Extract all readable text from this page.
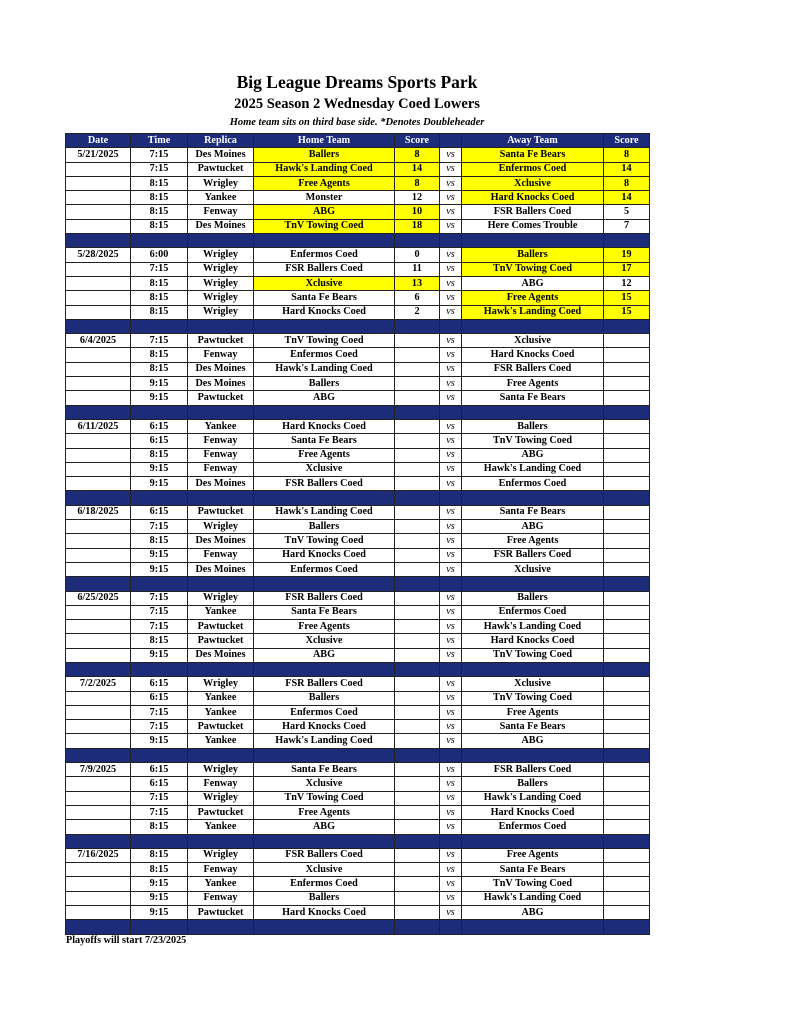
Big League Dreams Sports Park
2025 Season 2 Wednesday Coed Lowers
Home team sits on third base side. *Denotes Doubleheader
Date	Time	Replica	Home Team	Score		Away Team	Score
5/21/2025	7:15	Des Moines	Ballers	8	vs	Santa Fe Bears	8
	7:15	Pawtucket	Hawk's Landing Coed	14	vs	Enfermos Coed	14
	8:15	Wrigley	Free Agents	8	vs	Xclusive	8
	8:15	Yankee	Monster	12	vs	Hard Knocks Coed	14
	8:15	Fenway	ABG	10	vs	FSR Ballers Coed	5
	8:15	Des Moines	TnV Towing Coed	18	vs	Here Comes Trouble	7

5/28/2025	6:00	Wrigley	Enfermos Coed	0	vs	Ballers	19
	7:15	Wrigley	FSR Ballers Coed	11	vs	TnV Towing Coed	17
	8:15	Wrigley	Xclusive	13	vs	ABG	12
	8:15	Wrigley	Santa Fe Bears	6	vs	Free Agents	15
	8:15	Wrigley	Hard Knocks Coed	2	vs	Hawk's Landing Coed	15

6/4/2025	7:15	Pawtucket	TnV Towing Coed		vs	Xclusive	
	8:15	Fenway	Enfermos Coed		vs	Hard Knocks Coed	
	8:15	Des Moines	Hawk's Landing Coed		vs	FSR Ballers Coed	
	9:15	Des Moines	Ballers		vs	Free Agents	
	9:15	Pawtucket	ABG		vs	Santa Fe Bears	

6/11/2025	6:15	Yankee	Hard Knocks Coed		vs	Ballers	
	6:15	Fenway	Santa Fe Bears		vs	TnV Towing Coed	
	8:15	Fenway	Free Agents		vs	ABG	
	9:15	Fenway	Xclusive		vs	Hawk's Landing Coed	
	9:15	Des Moines	FSR Ballers Coed		vs	Enfermos Coed	

6/18/2025	6:15	Pawtucket	Hawk's Landing Coed		vs	Santa Fe Bears	
	7:15	Wrigley	Ballers		vs	ABG	
	8:15	Des Moines	TnV Towing Coed		vs	Free Agents	
	9:15	Fenway	Hard Knocks Coed		vs	FSR Ballers Coed	
	9:15	Des Moines	Enfermos Coed		vs	Xclusive	

6/25/2025	7:15	Wrigley	FSR Ballers Coed		vs	Ballers	
	7:15	Yankee	Santa Fe Bears		vs	Enfermos Coed	
	7:15	Pawtucket	Free Agents		vs	Hawk's Landing Coed	
	8:15	Pawtucket	Xclusive		vs	Hard Knocks Coed	
	9:15	Des Moines	ABG		vs	TnV Towing Coed	

7/2/2025	6:15	Wrigley	FSR Ballers Coed		vs	Xclusive	
	6:15	Yankee	Ballers		vs	TnV Towing Coed	
	7:15	Yankee	Enfermos Coed		vs	Free Agents	
	7:15	Pawtucket	Hard Knocks Coed		vs	Santa Fe Bears	
	9:15	Yankee	Hawk's Landing Coed		vs	ABG	

7/9/2025	6:15	Wrigley	Santa Fe Bears		vs	FSR Ballers Coed	
	6:15	Fenway	Xclusive		vs	Ballers	
	7:15	Wrigley	TnV Towing Coed		vs	Hawk's Landing Coed	
	7:15	Pawtucket	Free Agents		vs	Hard Knocks Coed	
	8:15	Yankee	ABG		vs	Enfermos Coed	

7/16/2025	8:15	Wrigley	FSR Ballers Coed		vs	Free Agents	
	8:15	Fenway	Xclusive		vs	Santa Fe Bears	
	9:15	Yankee	Enfermos Coed		vs	TnV Towing Coed	
	9:15	Fenway	Ballers		vs	Hawk's Landing Coed	
	9:15	Pawtucket	Hard Knocks Coed		vs	ABG	

Playoffs will start 7/23/2025
